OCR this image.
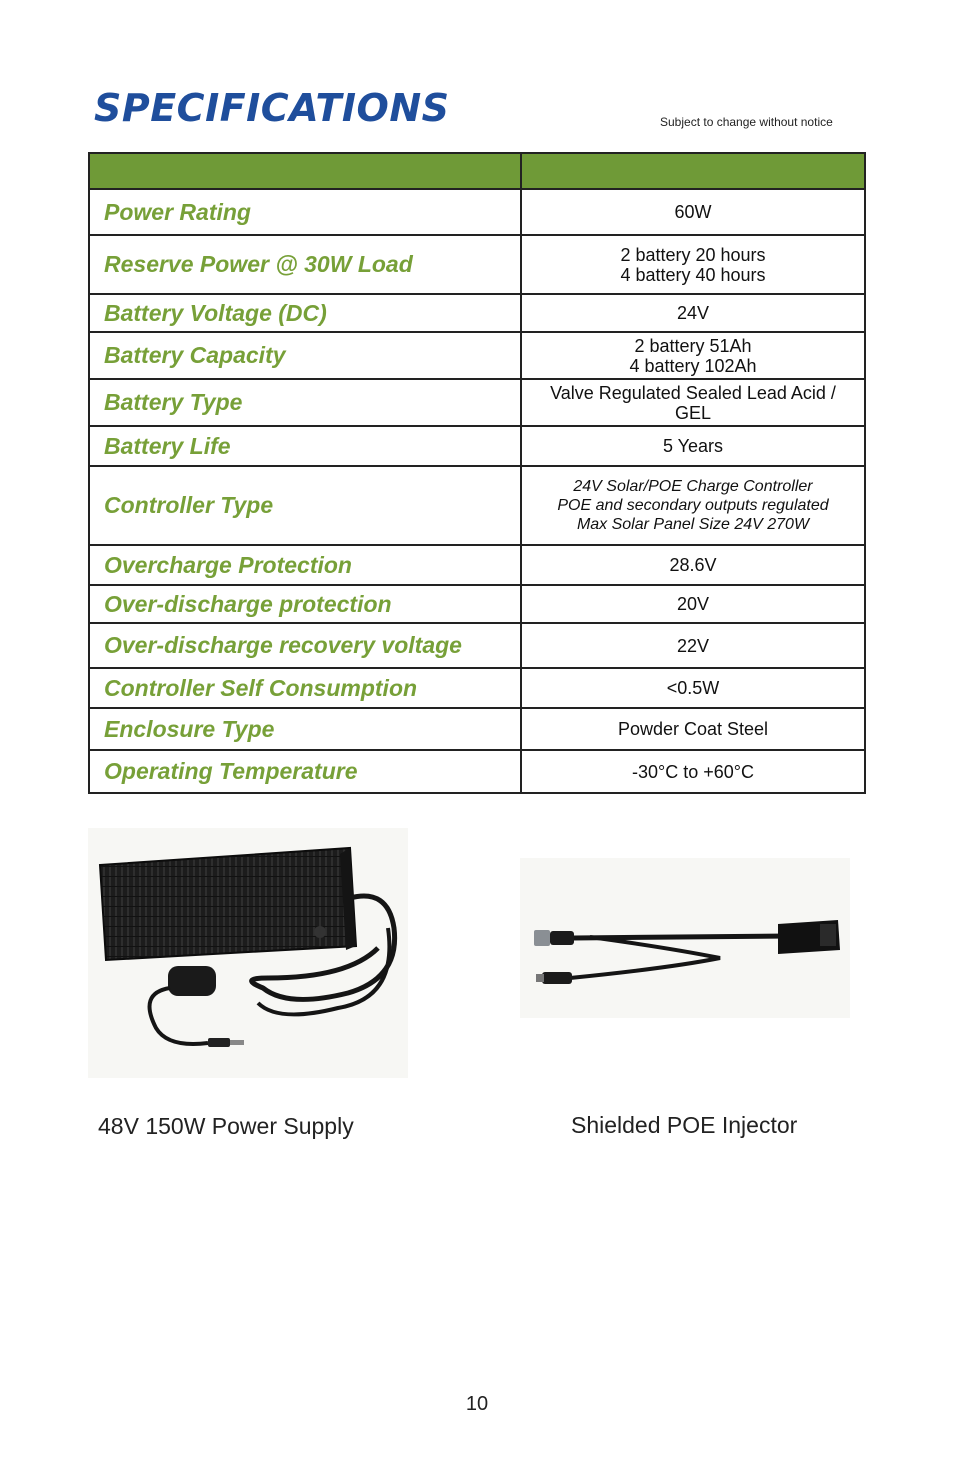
SPECIFICATIONS	Subject to change without notice

Power Rating	60W

Reserve Power @ 30W Load	2 battery 20 hours
4 battery 40 hours

Battery Voltage (DC)	24V

Battery Capacity	2 battery 51Ah
4 battery 102Ah

Battery Type	Valve Regulated Sealed Lead Acid /
GEL

Battery Life	5 Years

Controller Type	24V Solar/POE Charge Controller
POE and secondary outputs regulated
Max Solar Panel Size 24V 270W

Overcharge Protection	28.6V

Over-discharge protection	20V

Over-discharge recovery voltage	22V

Controller Self Consumption	<0.5W

Enclosure Type	Powder Coat Steel

Operating Temperature	-30°C to +60°C
48V 150W Power Supply	Shielded POE Injector
10
